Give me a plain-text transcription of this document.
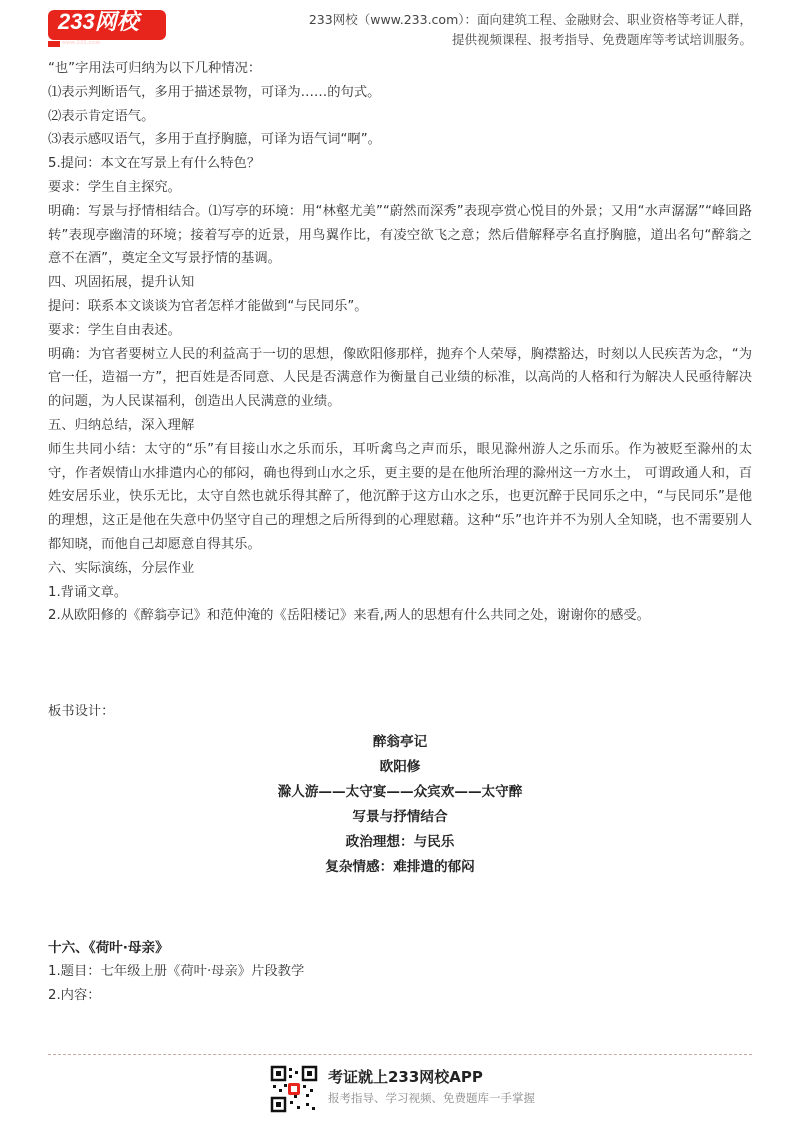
233网校
www.233.com
233网校（www.233.com）：面向建筑工程、金融财会、职业资格等考证人群，
提供视频课程、报考指导、免费题库等考试培训服务。

“也”字用法可归纳为以下几种情况：

⑴表示判断语气，多用于描述景物，可译为……的句式。

⑵表示肯定语气。

⑶表示感叹语气，多用于直抒胸臆，可译为语气词“啊”。

5.提问：本文在写景上有什么特色？

要求：学生自主探究。

明确：写景与抒情相结合。⑴写亭的环境：用“林壑尤美”“蔚然而深秀”表现亭赏心悦目的外景；又用“水声潺潺”“峰回路转”表现亭幽清的环境；接着写亭的近景，用鸟翼作比，有凌空欲飞之意；然后借解释亭名直抒胸臆，道出名句“醉翁之意不在酒”，奠定全文写景抒情的基调。

四、巩固拓展，提升认知

提问：联系本文谈谈为官者怎样才能做到“与民同乐”。

要求：学生自由表述。

明确：为官者要树立人民的利益高于一切的思想，像欧阳修那样，抛弃个人荣辱，胸襟豁达，时刻以人民疾苦为念，“为官一任，造福一方”，把百姓是否同意、人民是否满意作为衡量自己业绩的标准，以高尚的人格和行为解决人民亟待解决的问题，为人民谋福利，创造出人民满意的业绩。

五、归纳总结，深入理解

师生共同小结：太守的“乐”有目接山水之乐而乐，耳听禽鸟之声而乐，眼见滁州游人之乐而乐。作为被贬至滁州的太守，作者娱情山水排遣内心的郁闷，确也得到山水之乐，更主要的是在他所治理的滁州这一方水土， 可谓政通人和，百姓安居乐业，快乐无比，太守自然也就乐得其醉了，他沉醉于这方山水之乐，也更沉醉于民同乐之中，“与民同乐”是他的理想，这正是他在失意中仍坚守自己的理想之后所得到的心理慰藉。这种“乐”也许并不为别人全知晓，也不需要别人都知晓，而他自己却愿意自得其乐。

六、实际演练，分层作业

1.背诵文章。

2.从欧阳修的《醉翁亭记》和范仲淹的《岳阳楼记》来看,两人的思想有什么共同之处，谢谢你的感受。

板书设计：

醉翁亭记

欧阳修

滁人游——太守宴——众宾欢——太守醉

写景与抒情结合

政治理想：与民乐

复杂情感：难排遣的郁闷

十六、《荷叶·母亲》

1.题目：七年级上册《荷叶·母亲》片段教学

2.内容：

考证就上233网校APP
报考指导、学习视频、免费题库一手掌握
